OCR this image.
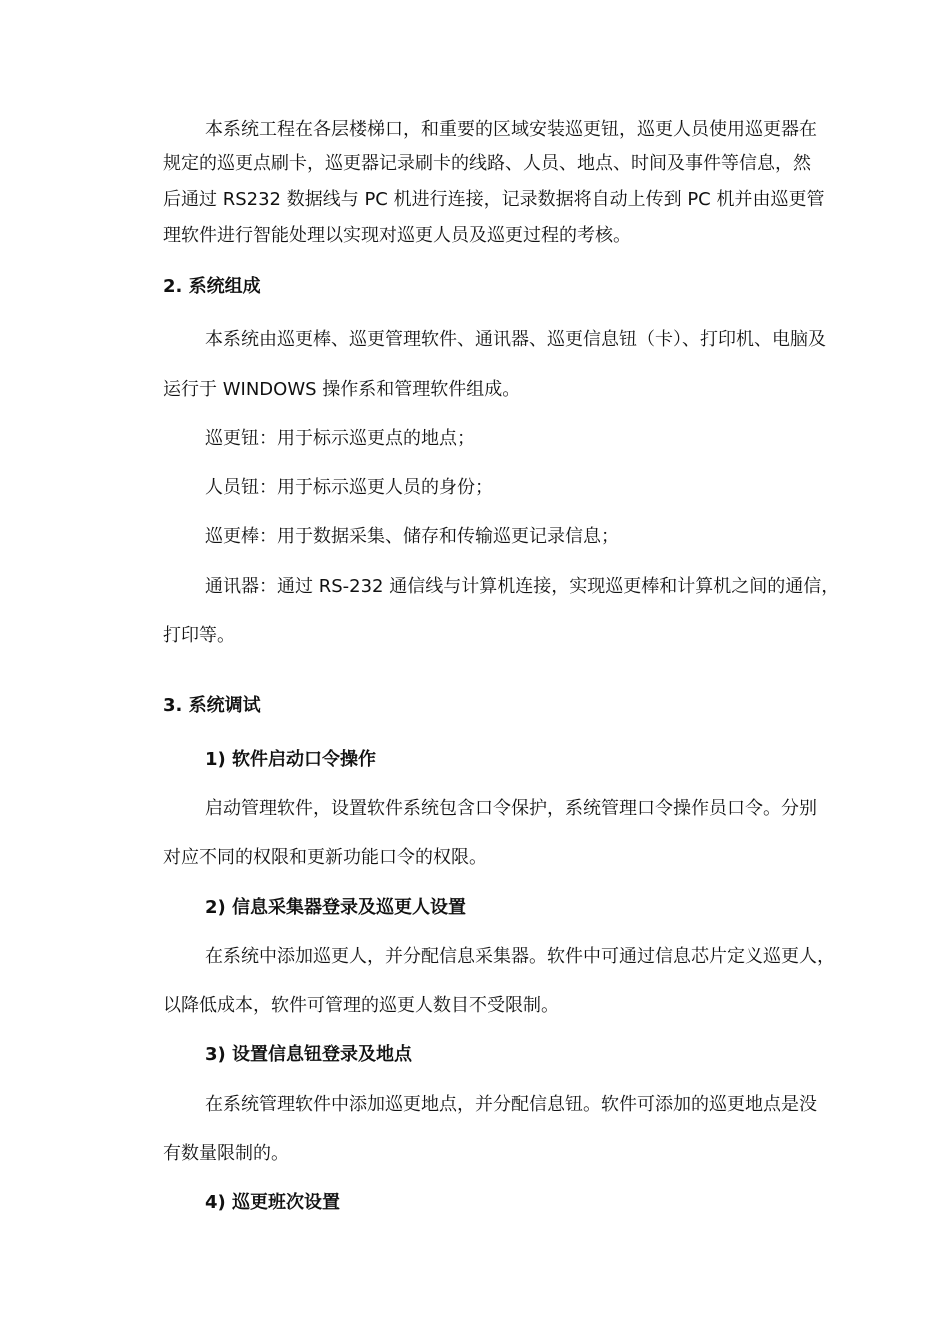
本系统工程在各层楼梯口，和重要的区域安装巡更钮，巡更人员使用巡更器在
规定的巡更点刷卡，巡更器记录刷卡的线路、人员、地点、时间及事件等信息，然
后通过 RS232 数据线与 PC 机进行连接，记录数据将自动上传到 PC 机并由巡更管
理软件进行智能处理以实现对巡更人员及巡更过程的考核。
2. 系统组成
本系统由巡更棒、巡更管理软件、通讯器、巡更信息钮（卡）、打印机、电脑及
运行于 WINDOWS 操作系和管理软件组成。
巡更钮：用于标示巡更点的地点；
人员钮：用于标示巡更人员的身份；
巡更棒：用于数据采集、储存和传输巡更记录信息；
通讯器：通过 RS-232 通信线与计算机连接，实现巡更棒和计算机之间的通信，
打印等。
3. 系统调试
1) 软件启动口令操作
启动管理软件，设置软件系统包含口令保护，系统管理口令操作员口令。分别
对应不同的权限和更新功能口令的权限。
2) 信息采集器登录及巡更人设置
在系统中添加巡更人，并分配信息采集器。软件中可通过信息芯片定义巡更人，
以降低成本，软件可管理的巡更人数目不受限制。
3) 设置信息钮登录及地点
在系统管理软件中添加巡更地点，并分配信息钮。软件可添加的巡更地点是没
有数量限制的。
4) 巡更班次设置
